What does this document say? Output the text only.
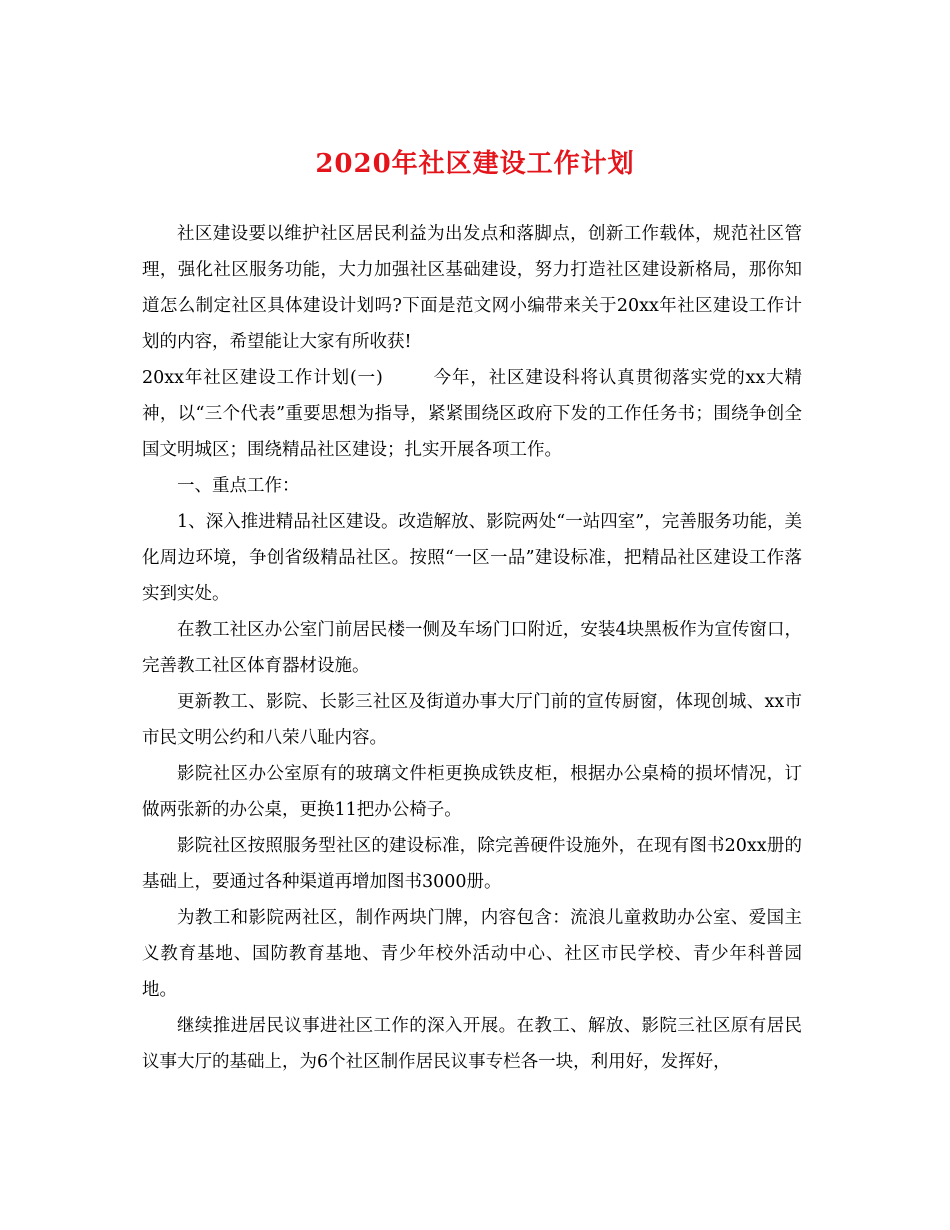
2020年社区建设工作计划

社区建设要以维护社区居民利益为出发点和落脚点，创新工作载体，规范社区管理，强化社区服务功能，大力加强社区基础建设，努力打造社区建设新格局，那你知道怎么制定社区具体建设计划吗?下面是范文网小编带来关于20xx年社区建设工作计划的内容，希望能让大家有所收获!

20xx年社区建设工作计划(一)	今年，社区建设科将认真贯彻落实党的xx大精神，以“三个代表”重要思想为指导，紧紧围绕区政府下发的工作任务书；围绕争创全国文明城区；围绕精品社区建设；扎实开展各项工作。

一、重点工作：

1、深入推进精品社区建设。改造解放、影院两处“一站四室”，完善服务功能，美化周边环境，争创省级精品社区。按照“一区一品”建设标准，把精品社区建设工作落实到实处。

在教工社区办公室门前居民楼一侧及车场门口附近，安装4块黑板作为宣传窗口，完善教工社区体育器材设施。

更新教工、影院、长影三社区及街道办事大厅门前的宣传厨窗，体现创城、xx市市民文明公约和八荣八耻内容。

影院社区办公室原有的玻璃文件柜更换成铁皮柜，根据办公桌椅的损坏情况，订做两张新的办公桌，更换11把办公椅子。

影院社区按照服务型社区的建设标准，除完善硬件设施外，在现有图书20xx册的基础上，要通过各种渠道再增加图书3000册。

为教工和影院两社区，制作两块门牌，内容包含：流浪儿童救助办公室、爱国主义教育基地、国防教育基地、青少年校外活动中心、社区市民学校、青少年科普园地。

继续推进居民议事进社区工作的深入开展。在教工、解放、影院三社区原有居民议事大厅的基础上，为6个社区制作居民议事专栏各一块，利用好，发挥好，
